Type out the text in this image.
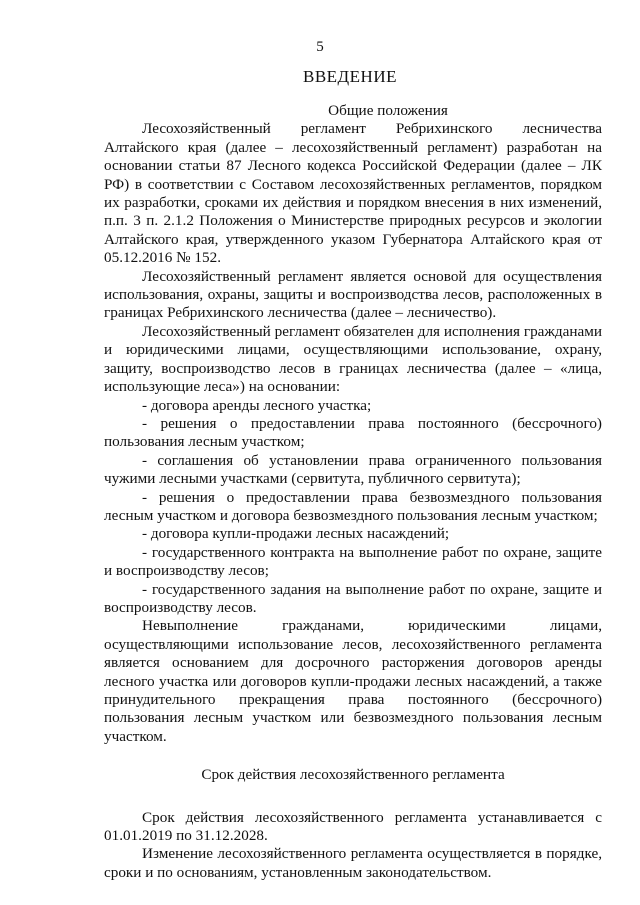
5
ВВЕДЕНИЕ
Общие положения

Лесохозяйственный регламент Ребрихинского лесничества Алтайского края (далее – лесохозяйственный регламент) разработан на основании статьи 87 Лесного кодекса Российской Федерации (далее – ЛК РФ) в соответствии с Составом лесохозяйственных регламентов, порядком их разработки, сроками их действия и порядком внесения в них изменений, п.п. 3 п. 2.1.2 Положения о Министерстве природных ресурсов и экологии Алтайского края, утвержденного указом Губернатора Алтайского края от 05.12.2016 № 152.

Лесохозяйственный регламент является основой для осуществления использования, охраны, защиты и воспроизводства лесов, расположенных в границах Ребрихинского лесничества (далее – лесничество).

Лесохозяйственный регламент обязателен для исполнения гражданами и юридическими лицами, осуществляющими использование, охрану, защиту, воспроизводство лесов в границах лесничества (далее – «лица, использующие леса») на основании:

- договора аренды лесного участка;

- решения о предоставлении права постоянного (бессрочного) пользования лесным участком;

- соглашения об установлении права ограниченного пользования чужими лесными участками (сервитута, публичного сервитута);

- решения о предоставлении права безвозмездного пользования лесным участком и договора безвозмездного пользования лесным участком;

- договора купли-продажи лесных насаждений;

- государственного контракта на выполнение работ по охране, защите и воспроизводству лесов;

- государственного задания на выполнение работ по охране, защите и воспроизводству лесов.

Невыполнение гражданами, юридическими лицами, осуществляющими использование лесов, лесохозяйственного регламента является основанием для досрочного расторжения договоров аренды лесного участка или договоров купли-продажи лесных насаждений, а также принудительного прекращения права постоянного (бессрочного) пользования лесным участком или безвозмездного пользования лесным участком.

Срок действия лесохозяйственного регламента

Срок действия лесохозяйственного регламента устанавливается с 01.01.2019 по 31.12.2028.

Изменение лесохозяйственного регламента осуществляется в порядке, сроки и по основаниям, установленным законодательством.
